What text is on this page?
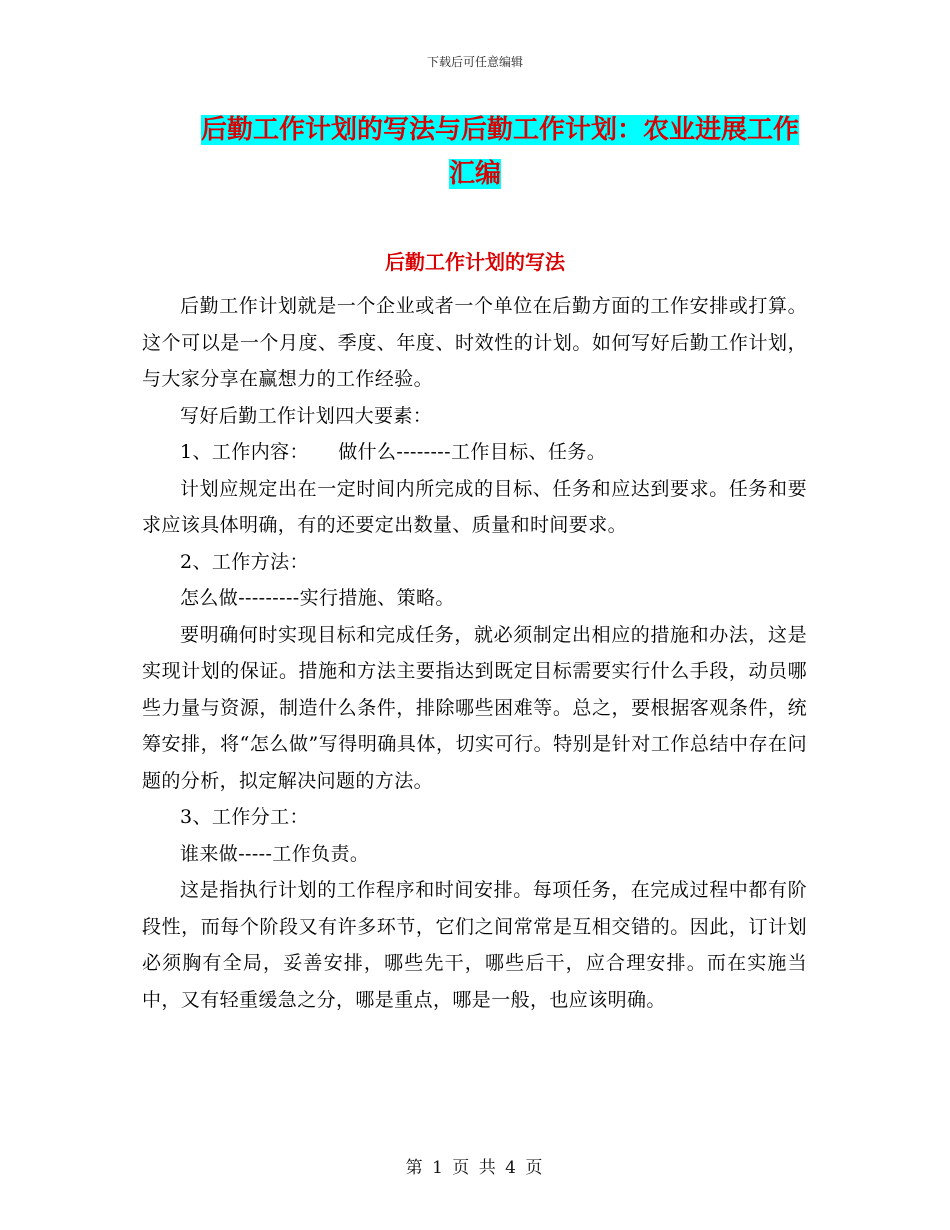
下载后可任意编辑
后勤工作计划的写法与后勤工作计划：农业进展工作
汇编
后勤工作计划的写法

后勤工作计划就是一个企业或者一个单位在后勤方面的工作安排或打算。这个可以是一个月度、季度、年度、时效性的计划。如何写好后勤工作计划，与大家分享在赢想力的工作经验。

写好后勤工作计划四大要素：

1、工作内容：　　做什么--------工作目标、任务。

计划应规定出在一定时间内所完成的目标、任务和应达到要求。任务和要求应该具体明确，有的还要定出数量、质量和时间要求。

2、工作方法：

怎么做---------实行措施、策略。

要明确何时实现目标和完成任务，就必须制定出相应的措施和办法，这是实现计划的保证。措施和方法主要指达到既定目标需要实行什么手段，动员哪些力量与资源，制造什么条件，排除哪些困难等。总之，要根据客观条件，统筹安排，将“怎么做”写得明确具体，切实可行。特别是针对工作总结中存在问题的分析，拟定解决问题的方法。

3、工作分工：

谁来做-----工作负责。

这是指执行计划的工作程序和时间安排。每项任务，在完成过程中都有阶段性，而每个阶段又有许多环节，它们之间常常是互相交错的。因此，订计划必须胸有全局，妥善安排，哪些先干，哪些后干，应合理安排。而在实施当中，又有轻重缓急之分，哪是重点，哪是一般，也应该明确。

第 1 页 共 4 页
